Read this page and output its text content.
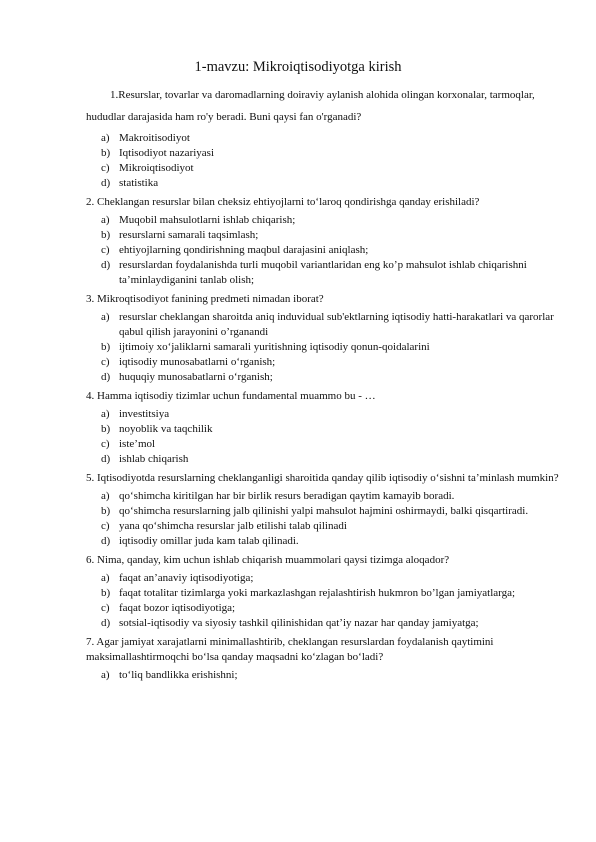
1-mavzu: Mikroiqtisodiyotga kirish

1.Resurslar, tovarlar va daromadlarning doiraviy aylanish alohida olingan korxonalar, tarmoqlar, hududlar darajasida ham ro'y beradi. Buni qaysi fan o'rganadi?

a) Makroitisodiyot
b) Iqtisodiyot nazariyasi
c) Mikroiqtisodiyot
d) statistika

2. Cheklangan resurslar bilan cheksiz ehtiyojlarni to‘laroq qondirishga qanday erishiladi?

a) Muqobil mahsulotlarni ishlab chiqarish;
b) resurslarni samarali taqsimlash;
c) ehtiyojlarning qondirishning maqbul darajasini aniqlash;
d) resurslardan foydalanishda turli muqobil variantlaridan eng ko’p mahsulot ishlab chiqarishni ta’minlaydiganini tanlab olish;

3. Mikroqtisodiyot fanining predmeti nimadan iborat?

a) resurslar cheklangan sharoitda aniq induvidual sub'ektlarning iqtisodiy hatti-harakatlari va qarorlar qabul qilish jarayonini o’rganandi
b) ijtimoiy xo‘jaliklarni samarali yuritishning iqtisodiy qonun-qoidalarini
c) iqtisodiy munosabatlarni o‘rganish;
d) huquqiy munosabatlarni o‘rganish;

4. Hamma iqtisodiy tizimlar uchun fundamental muammo bu - …

a) investitsiya
b) noyoblik va taqchilik
c) iste’mol
d) ishlab chiqarish

5. Iqtisodiyotda resurslarning cheklanganligi sharoitida qanday qilib iqtisodiy o‘sishni ta’minlash mumkin?

a) qo‘shimcha kiritilgan har bir birlik resurs beradigan qaytim kamayib boradi.
b) qo‘shimcha resurslarning jalb qilinishi yalpi mahsulot hajmini oshirmaydi, balki qisqartiradi.
c) yana qo‘shimcha resurslar jalb etilishi talab qilinadi
d) iqtisodiy omillar juda kam talab qilinadi.

6. Nima, qanday, kim uchun ishlab chiqarish muammolari qaysi tizimga aloqador?

a) faqat an’anaviy iqtisodiyotiga;
b) faqat totalitar tizimlarga yoki markazlashgan rejalashtirish hukmron bo’lgan jamiyatlarga;
c) faqat bozor iqtisodiyotiga;
d) sotsial-iqtisodiy va siyosiy tashkil qilinishidan qat’iy nazar har qanday jamiyatga;

7. Agar jamiyat xarajatlarni minimallashtirib, cheklangan resurslardan foydalanish qaytimini maksimallashtirmoqchi bo‘lsa qanday maqsadni ko‘zlagan bo‘ladi?

a) to‘liq bandlikka erishishni;
